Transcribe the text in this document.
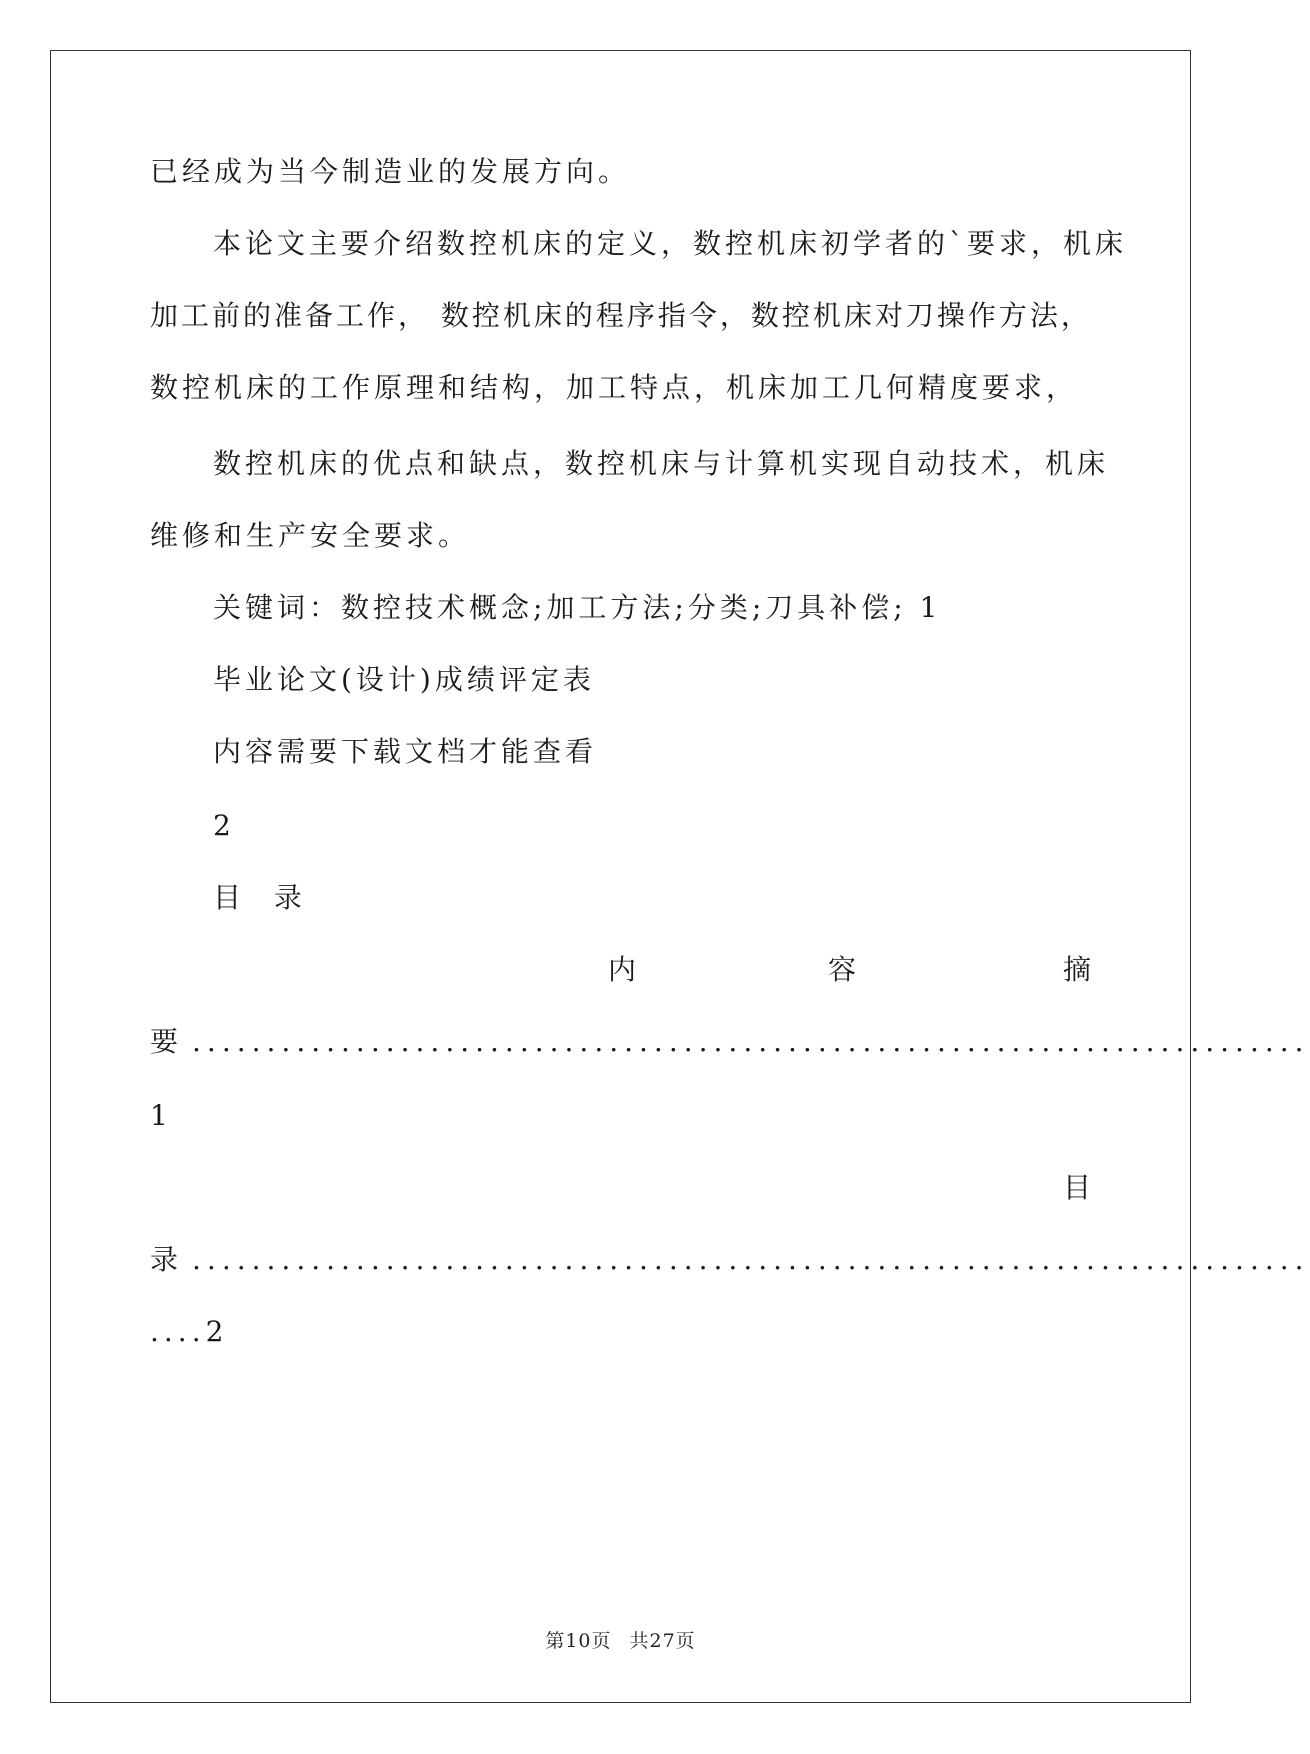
已经成为当今制造业的发展方向。

本论文主要介绍数控机床的定义，数控机床初学者的`要求，机床

加工前的准备工作， 数控机床的程序指令，数控机床对刀操作方法，

数控机床的工作原理和结构，加工特点，机床加工几何精度要求，

数控机床的优点和缺点，数控机床与计算机实现自动技术，机床

维修和生产安全要求。

关键词：数控技术概念;加工方法;分类;刀具补偿; 1

毕业论文(设计)成绩评定表

内容需要下载文档才能查看

2

目 录

内	容	摘
要 ...........................................................................

1

目
录 ...........................................................................

....2

第10页 共27页
